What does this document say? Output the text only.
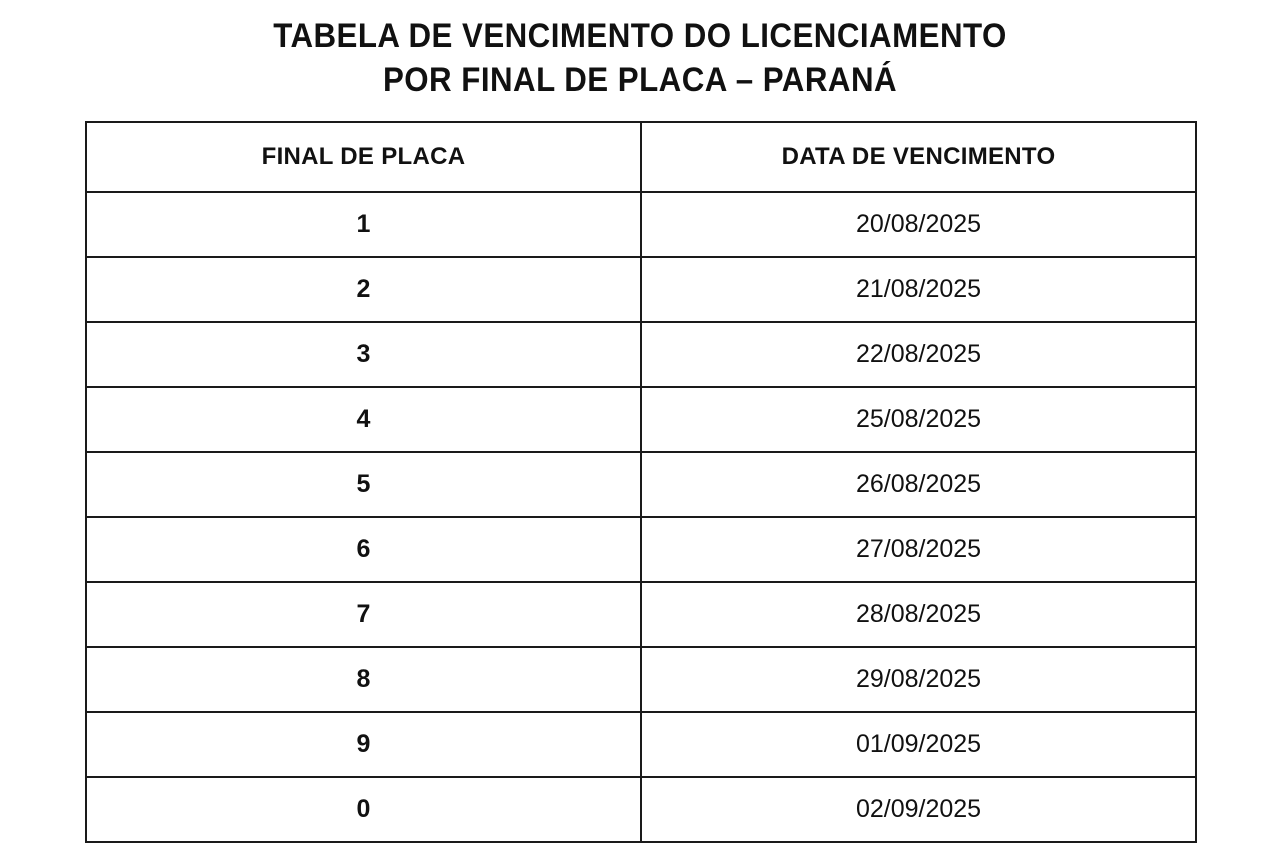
TABELA DE VENCIMENTO DO LICENCIAMENTO
POR FINAL DE PLACA – PARANÁ
FINAL DE PLACA	DATA DE VENCIMENTO
1	20/08/2025
2	21/08/2025
3	22/08/2025
4	25/08/2025
5	26/08/2025
6	27/08/2025
7	28/08/2025
8	29/08/2025
9	01/09/2025
0	02/09/2025
